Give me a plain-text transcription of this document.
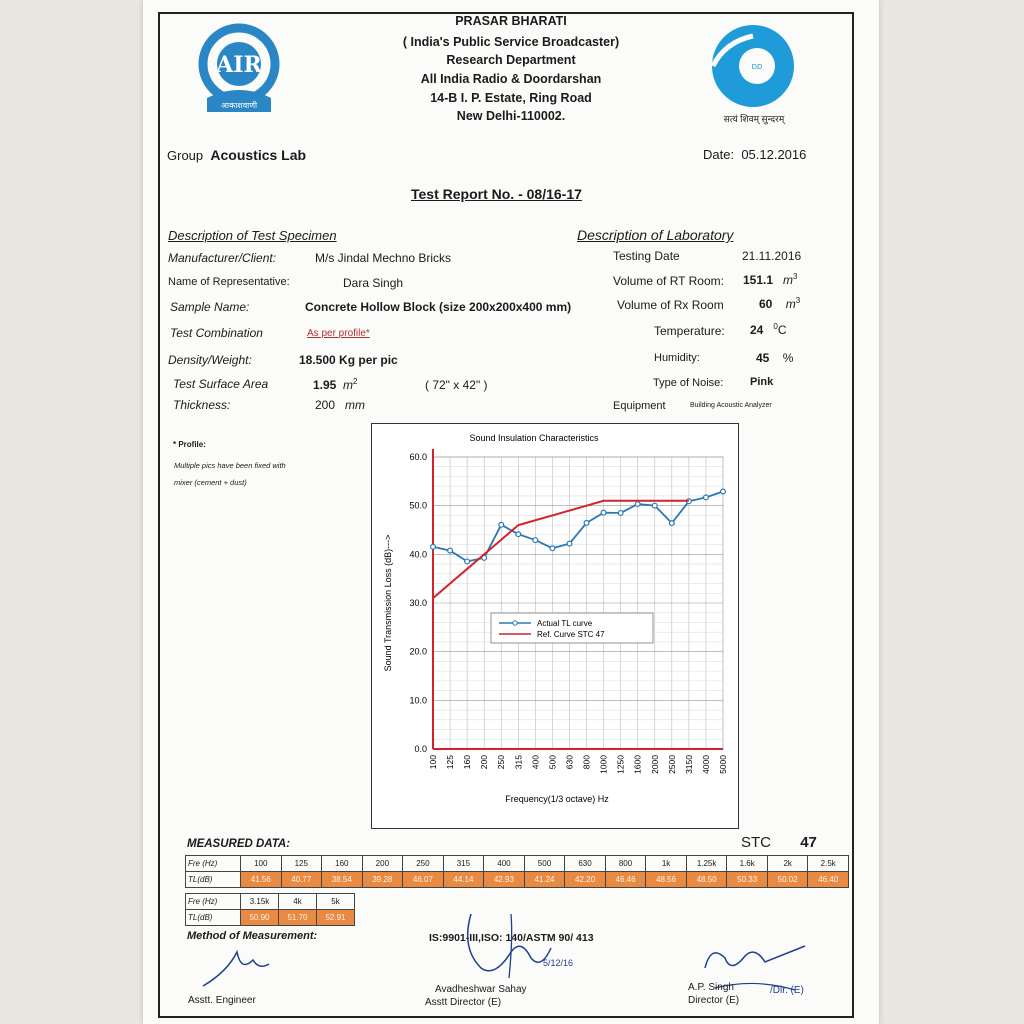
AIR
आकाशवाणी
DD
सत्यं शिवम् सुन्दरम्
PRASAR BHARATI
( India's Public Service Broadcaster)
Research Department
All India Radio & Doordarshan
14-B I. P. Estate, Ring Road
New Delhi-110002.
Group Acoustics Lab	Date: 05.12.2016
Test Report No. - 08/16-17
Description of Test Specimen
Manufacturer/Client:	M/s Jindal Mechno Bricks
Name of Representative:	Dara Singh
Sample Name:	Concrete Hollow Block (size 200x200x400 mm)
Test Combination	As per profile*
Density/Weight:	18.500 Kg per pic
Test Surface Area	1.95 $m^2$	( 72" x 42" )
Thickness:	200 mm
Description of Laboratory
Testing Date	21.11.2016
Volume of RT Room: 151.1 $m^3$
Volume of Rx Room	60 $m^3$
Temperature: 24 $^0$C
Humidity:	45 %
Type of Noise: Pink
Equipment	Building Acoustic Analyzer
* Profile:
Multiple pics have been fixed with
mixer (cement + dust)
Sound Insulation Characteristics
0.0
10.0
20.0
30.0
40.0
50.0
60.0
100 125 160 200 250 315 400 500 630 800 1000 1250 1600 2000 2500 3150 4000 5000
Frequency(1/3 octave) Hz
Sound Transmission Loss (dB)--->	Actual TL curve
Ref. Curve STC 47
MEASURED DATA:	STC 47
Fre (Hz)	100	125	160	200	250	315	400	500	630	800	1k	1.25k	1.6k	2k	2.5k
TL(dB)	41.56	40.77	38.54	39.28	46.07	44.14	42.93	41.24	42.20	46.46	48.56	48.50	50.33	50.02	46.40
Fre (Hz)	3.15k	4k	5k
TL(dB)	50.90	51.70	52.91
Method of Measurement:	IS:9901-III,ISO: 140/ASTM 90/ 413
Asstt. Engineer
5/12/16
Avadheshwar Sahay
Asstt Director (E)
A.P. Singh
Director (E)
/Dir. (E)
